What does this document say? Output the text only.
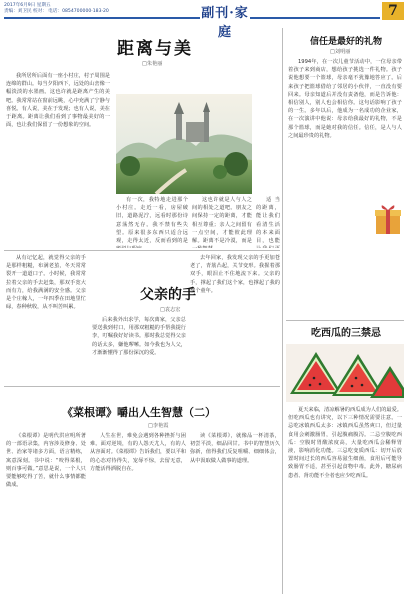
2017年6月9日 星期五
责编：刘卫民 校对： 电话：0854700000·183·20	副刊·家庭
7
距离与美
□朱艳丽

我所居所后面有一座小村庄，村子周围是连绵的群山。每当夕阳西下，远处的山峦像一幅淡淡的水墨画。这也许就是距离产生的美吧。我常常站在窗前远眺，心中充满了宁静与喜悦。有人说，美在于发现；也有人说，美在于距离。距离让我们看到了事物最美好的一面，也让我们保留了一份想象的空间。

有一次，我特地走进那个小村庄。走近一看，房屋破旧，道路泥泞，远看时那份诗意荡然无存。我不禁有些失望。原来很多东西只适合远观，走得太近，反而看到的是

这也许就是人与人之间的相处之道吧。朋友之间保持一定的距离，才能相互尊重；亲人之间留有一点空间，才能彼此理解。距离不是冷漠，而是

适当的距离，能让我们看清生活的本来面目，也能

从有记忆起，就觉得父亲的手是那样粗糙，布满老茧，冬天常常裂开一道道口子。小时候，我常常拉着父亲的手去赶集，那双手宽大而有力，给我满满的安全感。父亲是个庄稼人，一年四季在田地里忙碌，春种秋收，从不叫苦叫累。

父亲的手
□袁志宏

后来我外出求学，每次离家，父亲总要送我到村口，用那双粗糙的手帮我提行李，叮嘱我好好读书。那时我总觉得父亲的话太多，嫌他啰嗦。如今我也为人父，才渐渐懂得了那份深沉的爱。

去年回家，我发现父亲的手更加苍老了，青筋凸起，关节变形。我握着那双手，眼泪止不住地流下来。父亲的手，撑起了我们这个家，也撑起了我的整个童年。

《菜根谭》嚼出人生智慧（二）
□李艳霞

《菜根谭》是明代洪应明所著的一部语录集，内容涉及修身、处世、治家等诸多方面，语言精练，寓意深刻。书中说：“咬得菜根，则百事可做。”意思是说，一个人只要能够吃得了苦，就什么事情都能做成。

人生在世，难免会遇到各种挫折与困难。面对逆境，有的人怨天尤人，有的人从容面对。《菜根谭》告诉我们，要以平和的心态对待得失，宠辱不惊，去留无意，方能活得洒脱自在。

读《菜根谭》，就像品一杯清茶，初尝平淡，细品回甘。书中的智慧历久弥新，值得我们反复咀嚼、细细体会，从中汲取做人做事的道理。

信任是最好的礼物
□刘明丽

1994年，在一次儿童节活动中，一位母亲带着孩子来到商店，想给孩子挑选一件礼物。孩子说他想要一个篮球，母亲毫不犹豫地答应了。后来孩子把篮球借给了邻居的小伙伴，一直没有要回来。母亲知道后并没有责备他，而是告诉他：相信别人，别人也会相信你。这句话影响了孩子的一生。多年以后，他成为一名成功的企业家，在一次演讲中他说：母亲给我最好的礼物，不是那个篮球，而是她对我的信任。信任，是人与人之间最珍贵的礼物。

吃西瓜的三禁忌

夏天来临，清凉解暑的西瓜成为人们的最爱。但吃西瓜也有讲究，以下三种情况需要注意。一忌吃冰镇西瓜太多：冰镇西瓜虽然爽口，但过量食用会刺激肠胃，引起腹痛腹泻。二忌空腹吃西瓜：空腹时胃酸浓度高，大量吃西瓜会稀释胃液，影响消化功能。三忌吃变质西瓜：切开后放置时间过长的西瓜容易滋生细菌，食用后可能导致肠胃不适，甚至引起食物中毒。此外，糖尿病患者、肾功能不全者也应少吃西瓜。
